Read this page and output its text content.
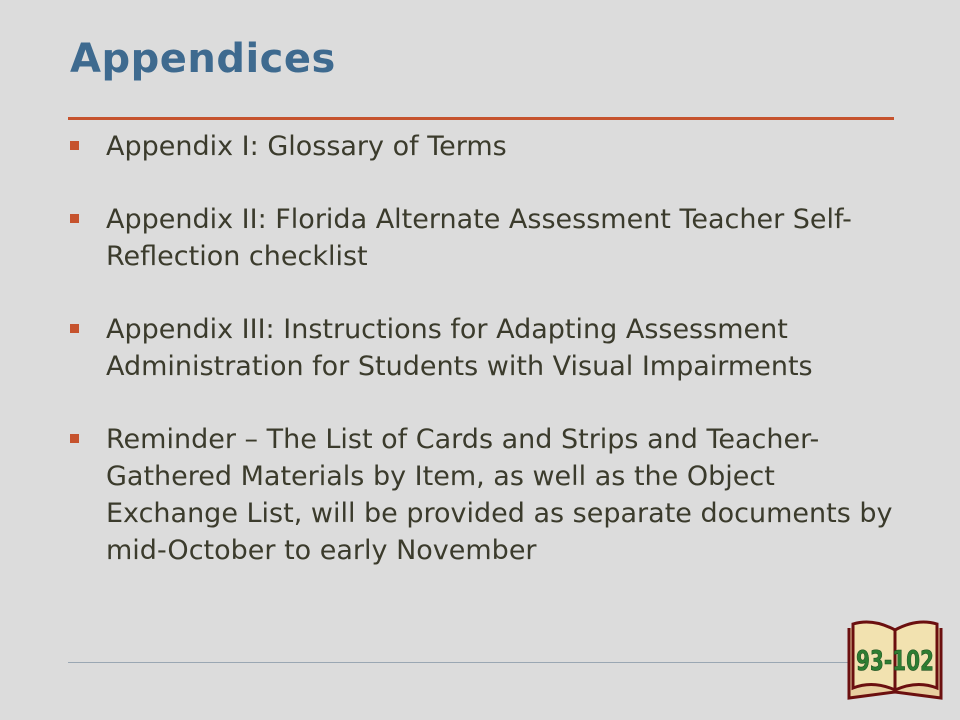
Appendices
Appendix I: Glossary of Terms
Appendix II: Florida Alternate Assessment Teacher Self-Reflection checklist
Appendix III: Instructions for Adapting Assessment Administration for Students with Visual Impairments
Reminder – The List of Cards and Strips and Teacher-Gathered Materials by Item, as well as the Object Exchange List, will be provided as separate documents by mid-October to early November
93-102
